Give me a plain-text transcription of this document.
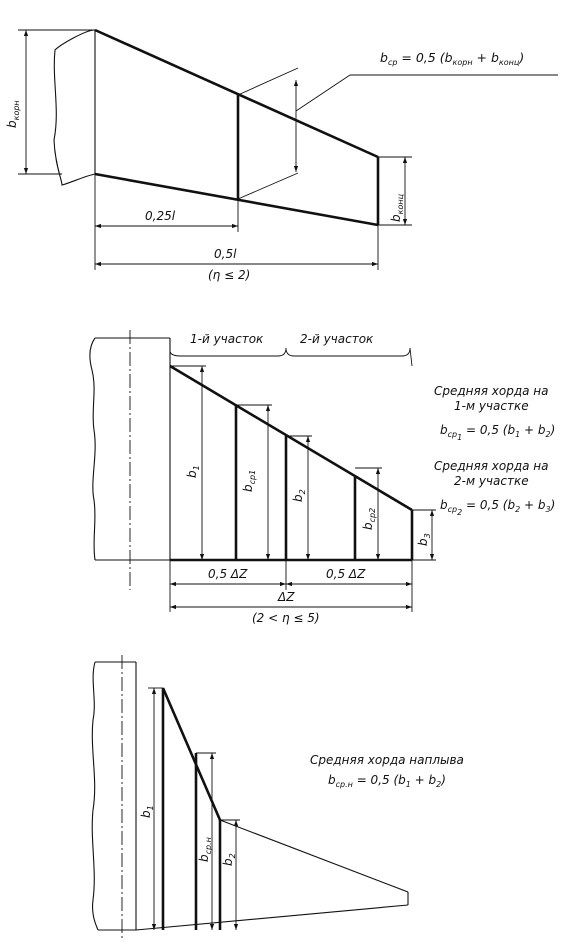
$b_{корн}$
$b_{ср} = 0,5$ $(b_{корн} + b_{конц})$
$b_{конц}$
0,25l
0,5l
(η ≤ 2)
1-й участок	2-й участок
$b_1$
$b_{ср1}$
$b_2$
$b_{ср2}$
$b_3$
0,5 ΔZ	0,5 ΔZ
ΔZ
(2 < η ≤ 5)
Средняя хорда на
1-м участке
$b_{ср1} = 0,5$ $(b_1 + b_2)$
Средняя хорда на
2-м участке
$b_{ср2} = 0,5$ $(b_2 + b_3)$
$b_1$
$b_{ср.н}$
$b_2$
Средняя хорда наплыва
$b_{ср.н} = 0,5$ $(b_1 + b_2)$
